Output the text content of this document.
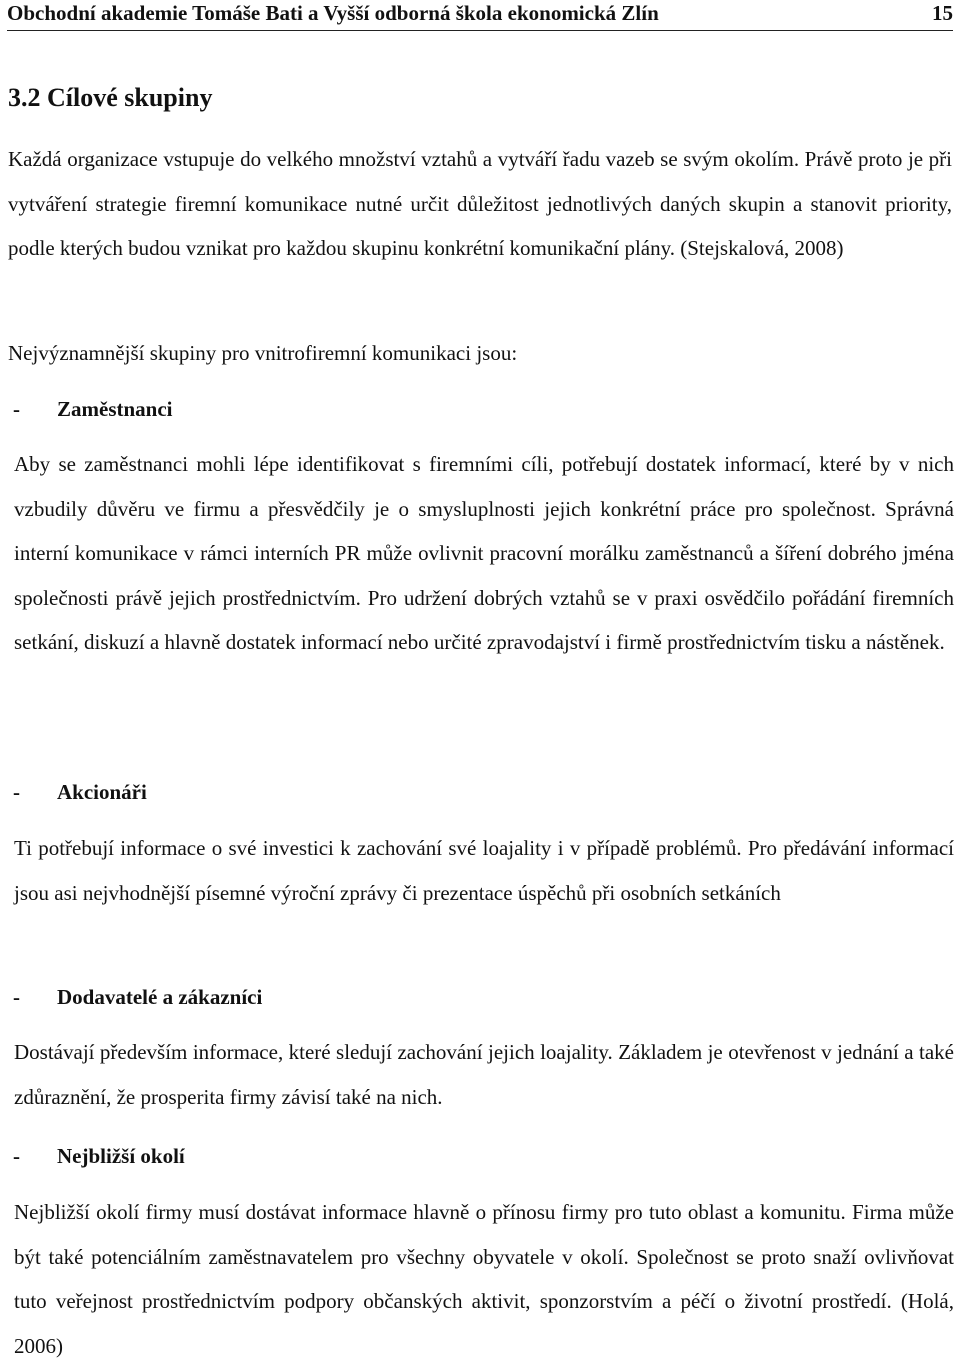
Obchodní akademie Tomáše Bati a Vyšší odborná škola ekonomická Zlín	15
3.2 Cílové skupiny

Každá organizace vstupuje do velkého množství vztahů a vytváří řadu vazeb se svým okolím. Právě proto je při vytváření strategie firemní komunikace nutné určit důležitost jednotlivých daných skupin a stanovit priority, podle kterých budou vznikat pro každou skupinu konkrétní komunikační plány. (Stejskalová, 2008)

Nejvýznamnější skupiny pro vnitrofiremní komunikaci jsou:

- Zaměstnanci

Aby se zaměstnanci mohli lépe identifikovat s firemními cíli, potřebují dostatek informací, které by v nich vzbudily důvěru ve firmu a přesvědčily je o smysluplnosti jejich konkrétní práce pro společnost. Správná interní komunikace v rámci interních PR může ovlivnit pracovní morálku zaměstnanců a šíření dobrého jména společnosti právě jejich prostřednictvím. Pro udržení dobrých vztahů se v praxi osvědčilo pořádání firemních setkání, diskuzí a hlavně dostatek informací nebo určité zpravodajství i firmě prostřednictvím tisku a nástěnek.

- Akcionáři

Ti potřebují informace o své investici k zachování své loajality i v případě problémů. Pro předávání informací jsou asi nejvhodnější písemné výroční zprávy či prezentace úspěchů při osobních setkáních

- Dodavatelé a zákazníci

Dostávají především informace, které sledují zachování jejich loajality. Základem je otevřenost v jednání a také zdůraznění, že prosperita firmy závisí také na nich.

- Nejbližší okolí

Nejbližší okolí firmy musí dostávat informace hlavně o přínosu firmy pro tuto oblast a komunitu. Firma může být také potenciálním zaměstnavatelem pro všechny obyvatele v okolí. Společnost se proto snaží ovlivňovat tuto veřejnost prostřednictvím podpory občanských aktivit, sponzorstvím a péčí o životní prostředí. (Holá, 2006)
